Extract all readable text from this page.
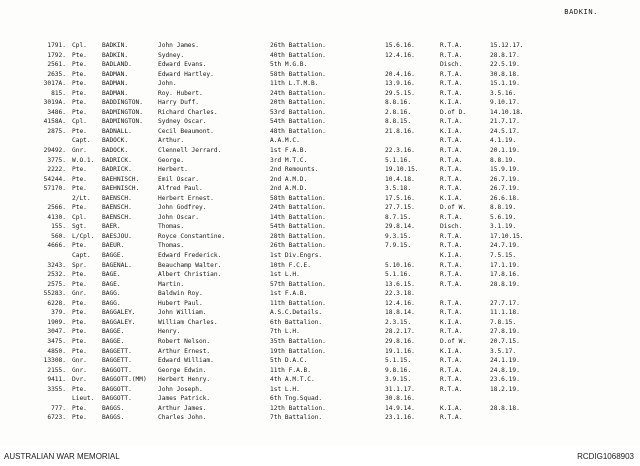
BADKIN.
1791. Cpl.	BADKIN.	John James.	26th Battalion.	15.6.16.	R.T.A.	15.12.17.
1792. Pte.	BADKIN.	Sydney.	40th Battalion.	12.4.16.	R.T.A.	28.8.17.
2561. Pte.	BADLAND.	Edward Evans.	5th M.G.B.	Disch.	22.5.19.
2635. Pte.	BADMAN.	Edward Hartley.	58th Battalion.	20.4.16.	R.T.A.	30.8.18.
3017A. Pte.	BADMAN.	John.	11th L.T.M.B.	13.9.16.	R.T.A.	15.1.19.
815. Pte.	BADMAN.	Roy. Hubert.	24th Battalion.	29.5.15.	R.T.A.	3.5.16.
3019A. Pte.	BADDINGTON.	Harry Duff.	20th Battalion.	8.8.16.	K.I.A.	9.10.17.
3486. Pte.	BADMINGTON.	Richard Charles.	53rd Battalion.	2.8.16.	D.of D.	14.10.18.
4158A. Cpl.	BADMINGTON.	Sydney Oscar.	54th Battalion.	8.8.15.	R.T.A.	21.7.17.
2875. Pte.	BADNALL.	Cecil Beaumont.	48th Battalion.	21.8.16.	K.I.A.	24.5.17.
Capt.	BADOCK.	Arthur.	A.A.M.C.	R.T.A.	4.1.19.
29492. Gnr.	BADOCK.	Clennell Jerrard.	1st F.A.B.	22.3.16.	R.T.A.	20.1.19.
3775. W.O.1.	BADRICK.	George.	3rd M.T.C.	5.1.16.	R.T.A.	8.8.19.
2222. Pte.	BADRICK.	Herbert.	2nd Remounts.	19.10.15.	R.T.A.	15.9.19.
54244. Pte.	BAEHNISCH.	Emil Oscar.	2nd A.M.D.	10.4.18.	R.T.A.	26.7.19.
57170. Pte.	BAEHNISCH.	Alfred Paul.	2nd A.M.D.	3.5.18.	R.T.A.	26.7.19.
2/Lt.	BAENSCH.	Herbert Ernest.	58th Battalion.	17.5.16.	K.I.A.	26.6.18.
2566. Pte.	BAENSCH.	John Godfrey.	24th Battalion.	27.7.15.	D.of W.	8.8.19.
4130. Cpl.	BAENSCH.	John Oscar.	14th Battalion.	8.7.15.	R.T.A.	5.6.19.
155. Sgt.	BAER.	Thomas.	54th Battalion.	29.8.14.	Disch.	3.1.19.
560. L/Cpl.	BAESJOU.	Royce Constantine.	28th Battalion.	9.3.15.	R.T.A.	17.10.15.
4666. Pte.	BAEUR.	Thomas.	26th Battalion.	7.9.15.	R.T.A.	24.7.19.
Capt.	BAGGE.	Edward Frederick.	1st Div.Engrs.	K.I.A.	7.5.15.
3243. Spr.	BAGENAL.	Beauchamp Walter.	10th F.C.E.	5.10.16.	R.T.A.	17.1.19.
2532. Pte.	BAGE.	Albert Christian.	1st L.H.	5.1.16.	R.T.A.	17.8.16.
2575. Pte.	BAGE.	Martin.	57th Battalion.	13.6.15.	R.T.A.	28.8.19.
55283. Gnr.	BAGG.	Baldwin Roy.	1st F.A.B.	22.3.18.
6228. Pte.	BAGG.	Hubert Paul.	11th Battalion.	12.4.16.	R.T.A.	27.7.17.
379. Pte.	BAGGALEY.	John William.	A.S.C.Details.	18.8.14.	R.T.A.	11.1.18.
1909. Pte.	BAGGALEY.	William Charles.	6th Battalion.	2.3.15.	K.I.A.	7.8.15.
3047. Pte.	BAGGE.	Henry.	7th L.H.	28.2.17.	R.T.A.	27.8.19.
3475. Pte.	BAGGE.	Robert Nelson.	35th Battalion.	29.8.16.	D.of W.	20.7.15.
4850. Pte.	BAGGETT.	Arthur Ernest.	19th Battalion.	19.1.16.	K.I.A.	3.5.17.
13308. Gnr.	BAGGETT.	Edward William.	5th D.A.C.	5.1.15.	R.T.A.	24.1.19.
2155. Gnr.	BAGGOTT.	George Edwin.	11th F.A.B.	9.8.16.	R.T.A.	24.8.19.
9411. Dvr.	BAGGOTT.(MM)	Herbert Henry.	4th A.M.T.C.	3.9.15.	R.T.A.	23.6.19.
3355. Pte.	BAGGOTT.	John Joseph.	1st L.H.	31.1.17.	R.T.A.	18.2.19.
Lieut.	BAGGOTT.	James Patrick.	6th Tng.Squad.	30.8.16.
777. Pte.	BAGGS.	Arthur James.	12th Battalion.	14.9.14.	K.I.A.	28.8.18.
6723. Pte.	BAGGS.	Charles John.	7th Battalion.	23.1.16.	R.T.A.
AUSTRALIAN WAR MEMORIAL	RCDIG1068903
